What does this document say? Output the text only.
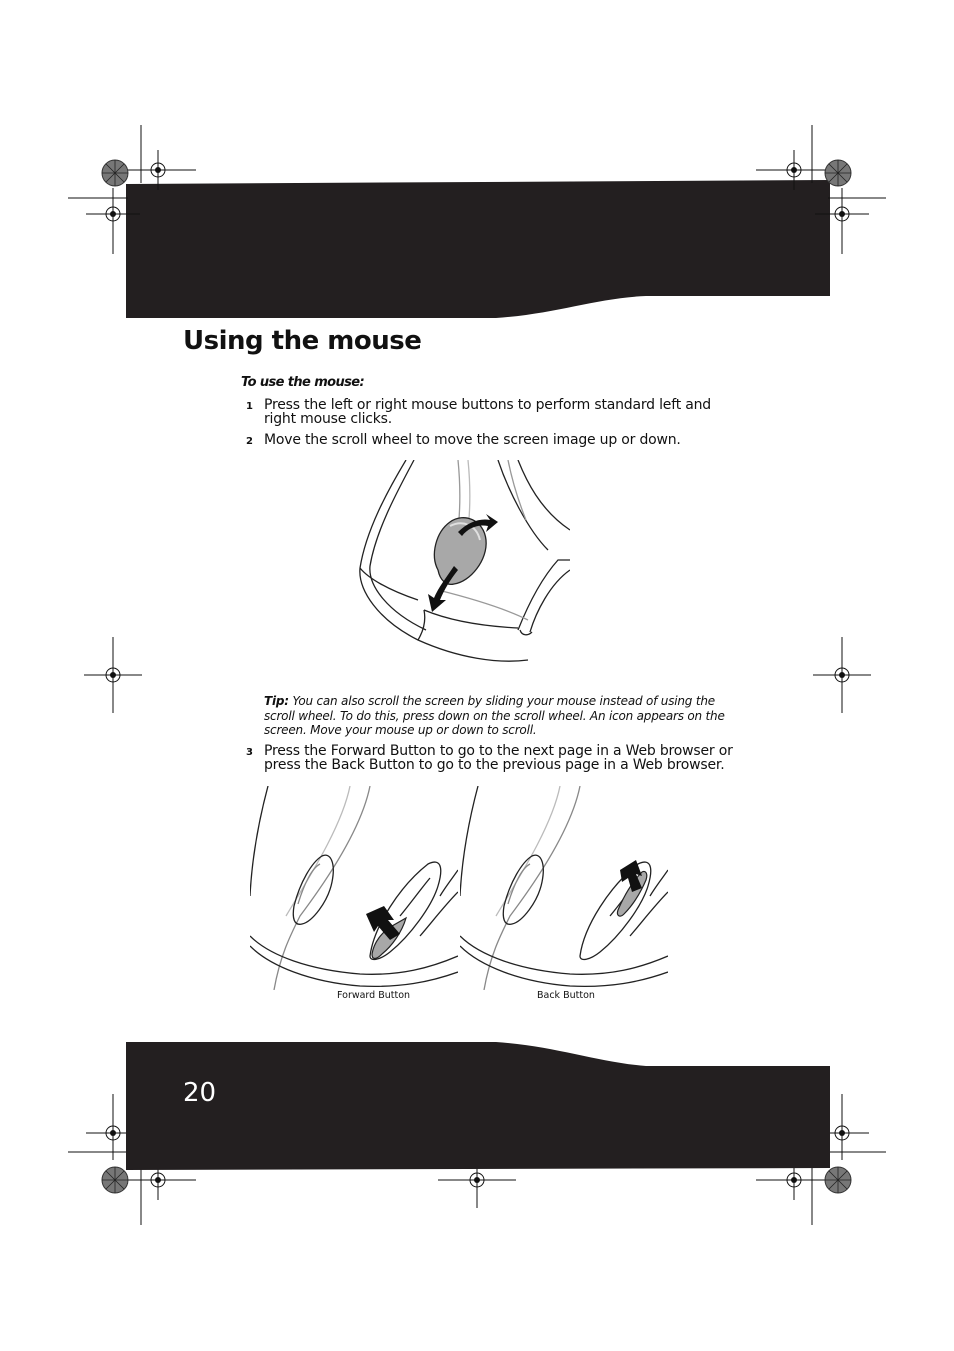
Using the mouse
To use the mouse:
1 Press the left or right mouse buttons to perform standard left and right mouse clicks.
2 Move the scroll wheel to move the screen image up or down.
Tip: You can also scroll the screen by sliding your mouse instead of using the scroll wheel. To do this, press down on the scroll wheel. An icon appears on the screen. Move your mouse up or down to scroll.
3 Press the Forward Button to go to the next page in a Web browser or press the Back Button to go to the previous page in a Web browser.
Forward Button	Back Button
20
